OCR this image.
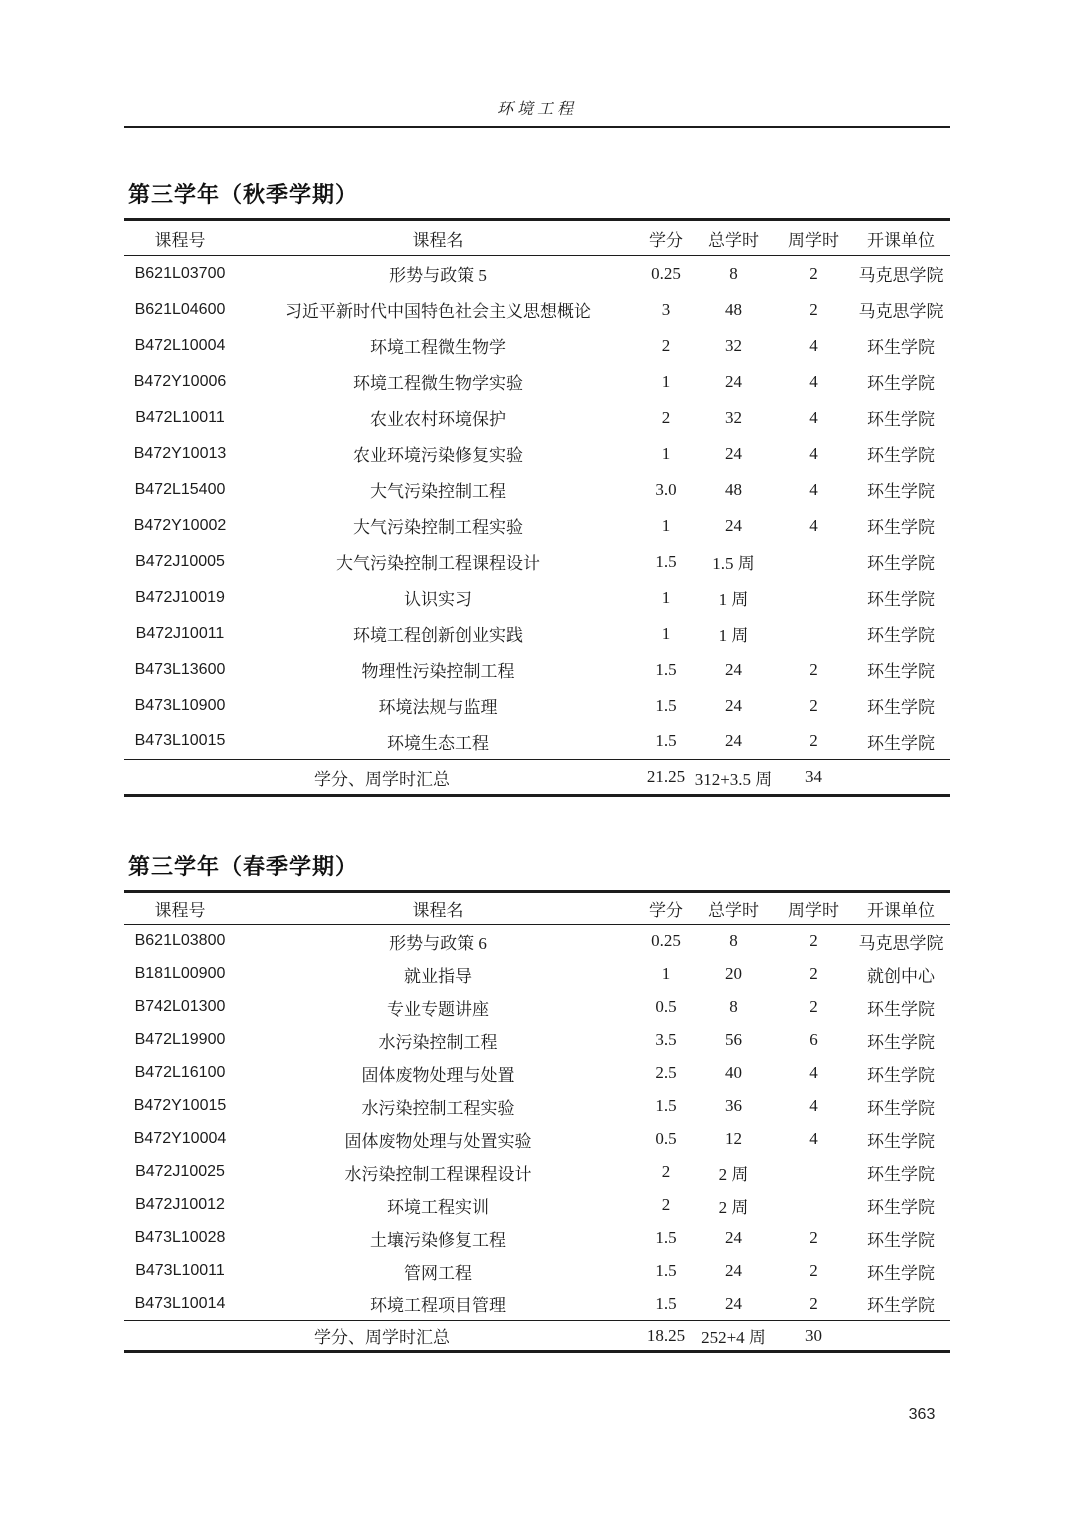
环境工程
第三学年（秋季学期）
课程号	课程名	学分	总学时	周学时	开课单位
B621L03700	形势与政策 5	0.25	8	2	马克思学院
B621L04600	习近平新时代中国特色社会主义思想概论	3	48	2	马克思学院
B472L10004	环境工程微生物学	2	32	4	环生学院
B472Y10006	环境工程微生物学实验	1	24	4	环生学院
B472L10011	农业农村环境保护	2	32	4	环生学院
B472Y10013	农业环境污染修复实验	1	24	4	环生学院
B472L15400	大气污染控制工程	3.0	48	4	环生学院
B472Y10002	大气污染控制工程实验	1	24	4	环生学院
B472J10005	大气污染控制工程课程设计	1.5	1.5 周		环生学院
B472J10019	认识实习	1	1 周		环生学院
B472J10011	环境工程创新创业实践	1	1 周		环生学院
B473L13600	物理性污染控制工程	1.5	24	2	环生学院
B473L10900	环境法规与监理	1.5	24	2	环生学院
B473L10015	环境生态工程	1.5	24	2	环生学院
学分、周学时汇总		21.25	312+3.5 周	34	
第三学年（春季学期）
课程号	课程名	学分	总学时	周学时	开课单位
B621L03800	形势与政策 6	0.25	8	2	马克思学院
B181L00900	就业指导	1	20	2	就创中心
B742L01300	专业专题讲座	0.5	8	2	环生学院
B472L19900	水污染控制工程	3.5	56	6	环生学院
B472L16100	固体废物处理与处置	2.5	40	4	环生学院
B472Y10015	水污染控制工程实验	1.5	36	4	环生学院
B472Y10004	固体废物处理与处置实验	0.5	12	4	环生学院
B472J10025	水污染控制工程课程设计	2	2 周		环生学院
B472J10012	环境工程实训	2	2 周		环生学院
B473L10028	土壤污染修复工程	1.5	24	2	环生学院
B473L10011	管网工程	1.5	24	2	环生学院
B473L10014	环境工程项目管理	1.5	24	2	环生学院
学分、周学时汇总		18.25	252+4 周	30	
363
